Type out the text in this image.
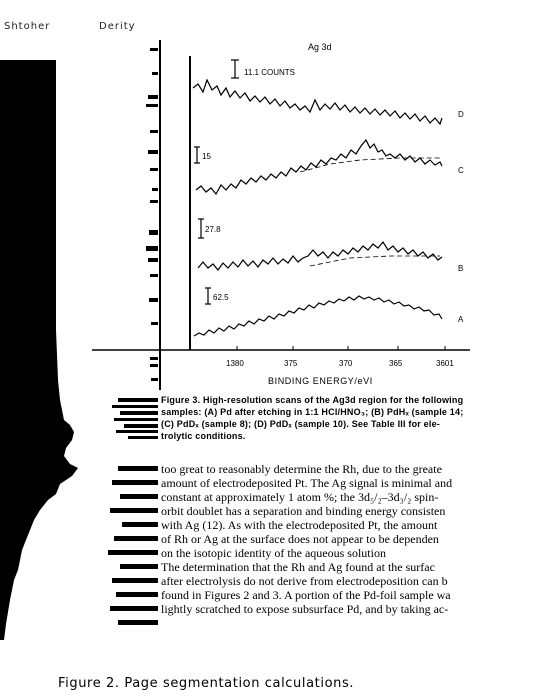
Shtoher	Derity
Ag 3d
11.1 COUNTS
15
27.8
62.5
D
C
B
A
1380	375	370	365	3601
BINDING ENERGY/eVI
Figure 3. High-resolution scans of the Ag3d region for the following
samples: (A) Pd after etching in 1:1 HCl/HNO₃; (B) PdHₓ (sample 14;
(C) PdDₓ (sample 8); (D) PdDₓ (sample 10). See Table III for ele-
trolytic conditions.
too great to reasonably determine the Rh, due to the greate
amount of electrodeposited Pt. The Ag signal is minimal and
constant at approximately 1 atom %; the 3d₅/₂–3d₃/₂ spin-
orbit doublet has a separation and binding energy consisten
with Ag (12). As with the electrodeposited Pt, the amount
of Rh or Ag at the surface does not appear to be dependen
on the isotopic identity of the aqueous solution
The determination that the Rh and Ag found at the surfac
after electrolysis do not derive from electrodeposition can b
found in Figures 2 and 3. A portion of the Pd-foil sample wa
lightly scratched to expose subsurface Pd, and by taking ac-
Figure 2. Page segmentation calculations.
